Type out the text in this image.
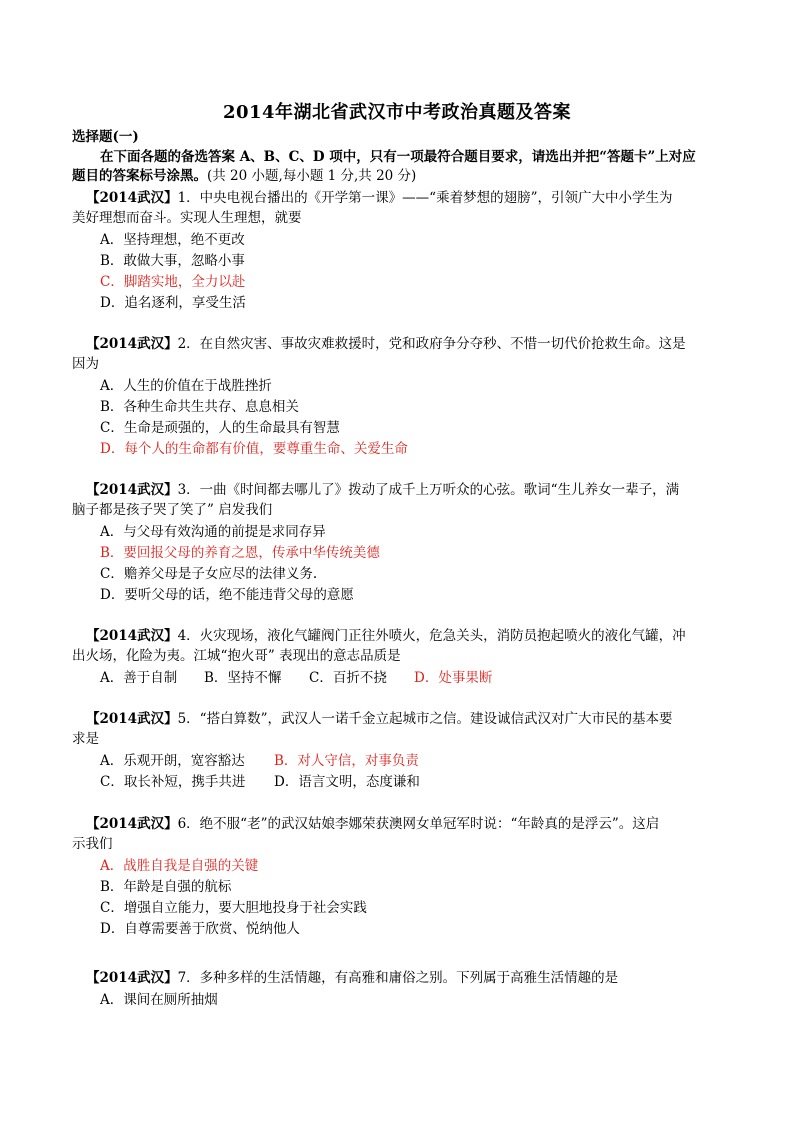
2014年湖北省武汉市中考政治真题及答案
选择题(一)
在下面各题的备选答案 A、B、C、D 项中，只有一项最符合题目要求，请选出并把“答题卡”上对应
题目的答案标号涂黑。(共 20 小题,每小题 1 分,共 20 分)
【2014武汉】1．中央电视台播出的《开学第一课》——“乘着梦想的翅膀”，引领广大中小学生为
美好理想而奋斗。实现人生理想，就要
A．坚持理想，绝不更改
B．敢做大事，忽略小事
C．脚踏实地，全力以赴
D．追名逐利，享受生活
【2014武汉】2．在自然灾害、事故灾难救援时，党和政府争分夺秒、不惜一切代价抢救生命。这是
因为
A．人生的价值在于战胜挫折
B．各种生命共生共存、息息相关
C．生命是顽强的，人的生命最具有智慧
D．每个人的生命都有价值，要尊重生命、关爱生命
【2014武汉】3．一曲《时间都去哪儿了》拨动了成千上万听众的心弦。歌词“生儿养女一辈子，满
脑子都是孩子哭了笑了” 启发我们
A．与父母有效沟通的前提是求同存异
B．要回报父母的养育之恩，传承中华传统美德
C．赡养父母是子女应尽的法律义务.
D．要听父母的话，绝不能违背父母的意愿
【2014武汉】4．火灾现场，液化气罐阀门正往外喷火，危急关头，消防员抱起喷火的液化气罐，冲
出火场，化险为夷。江城“抱火哥” 表现出的意志品质是
A．善于自制 B．坚持不懈 C．百折不挠 D．处事果断
【2014武汉】5．“搭白算数”，武汉人一诺千金立起城市之信。建设诚信武汉对广大市民的基本要
求是
A．乐观开朗，宽容豁达 B．对人守信，对事负责
C．取长补短，携手共进 D．语言文明，态度谦和
【2014武汉】6．绝不服“老”的武汉姑娘李娜荣获澳网女单冠军时说：“年龄真的是浮云”。这启
示我们
A．战胜自我是自强的关键
B．年龄是自强的航标
C．增强自立能力，要大胆地投身于社会实践
D．自尊需要善于欣赏、悦纳他人
【2014武汉】7．多种多样的生活情趣，有高雅和庸俗之别。下列属于高雅生活情趣的是
A．课间在厕所抽烟
